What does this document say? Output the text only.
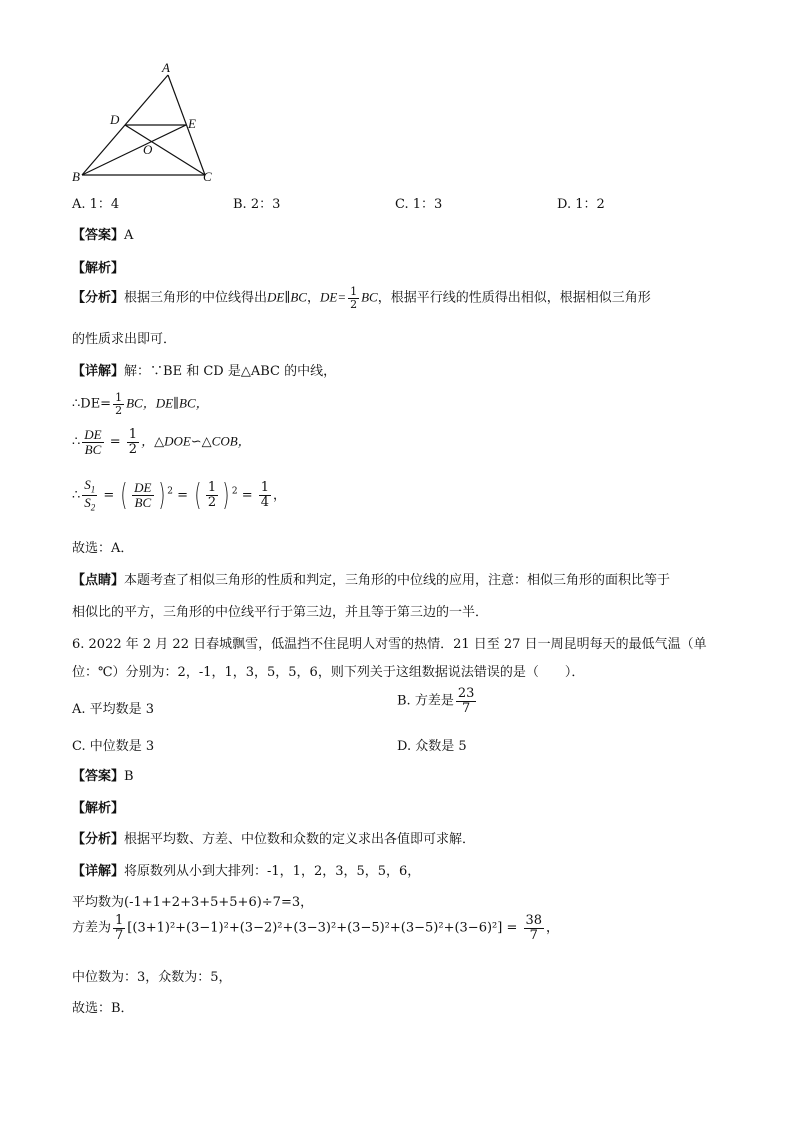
A
D	E
O
B	C
A. 1：4	B. 2：3	C. 1：3	D. 1：2
【答案】A
【解析】
【分析】根据三角形的中位线得出DE∥BC，$DE= \frac{1}{2}$ BC，根据平行线的性质得出相似，根据相似三角形
的性质求出即可．
【详解】解：∵BE 和 CD 是△ABC 的中线，
∴DE= $\frac{1}{2}$ BC，DE∥BC，
∴ $\frac{DE}{BC} = \frac{1}{2}$ ，△DOE∽△COB，
∴ $\frac{S_1}{S_2}$ = ( $\frac{DE}{BC}$ ) $^2$ = ( $\frac{1}{2}$ ) $^2 = \frac{1}{4}$ ，
故选：A．
【点睛】本题考查了相似三角形的性质和判定，三角形的中位线的应用，注意：相似三角形的面积比等于
相似比的平方，三角形的中位线平行于第三边，并且等于第三边的一半．
6. 2022 年 2 月 22 日春城飘雪，低温挡不住昆明人对雪的热情．21 日至 27 日一周昆明每天的最低气温（单
位：℃）分别为：2，-1，1，3，5，5，6，则下列关于这组数据说法错误的是（　　）．
A. 平均数是 3
B. 方差是 $\frac{23}{7}$
C. 中位数是 3	D. 众数是 5
【答案】B
【解析】
【分析】根据平均数、方差、中位数和众数的定义求出各值即可求解．
【详解】将原数列从小到大排列：-1，1，2，3，5，5，6，
平均数为(-1+1+2+3+5+5+6)÷7=3，
方差为 $\frac{1}{7} [(3+1)^2+(3-1)^2+(3-2)^2+(3-3)^2+(3-5)^2+(3-5)^2+(3-6)^2] = \frac{38}{7}$ ，
中位数为：3，众数为：5，
故选：B．
